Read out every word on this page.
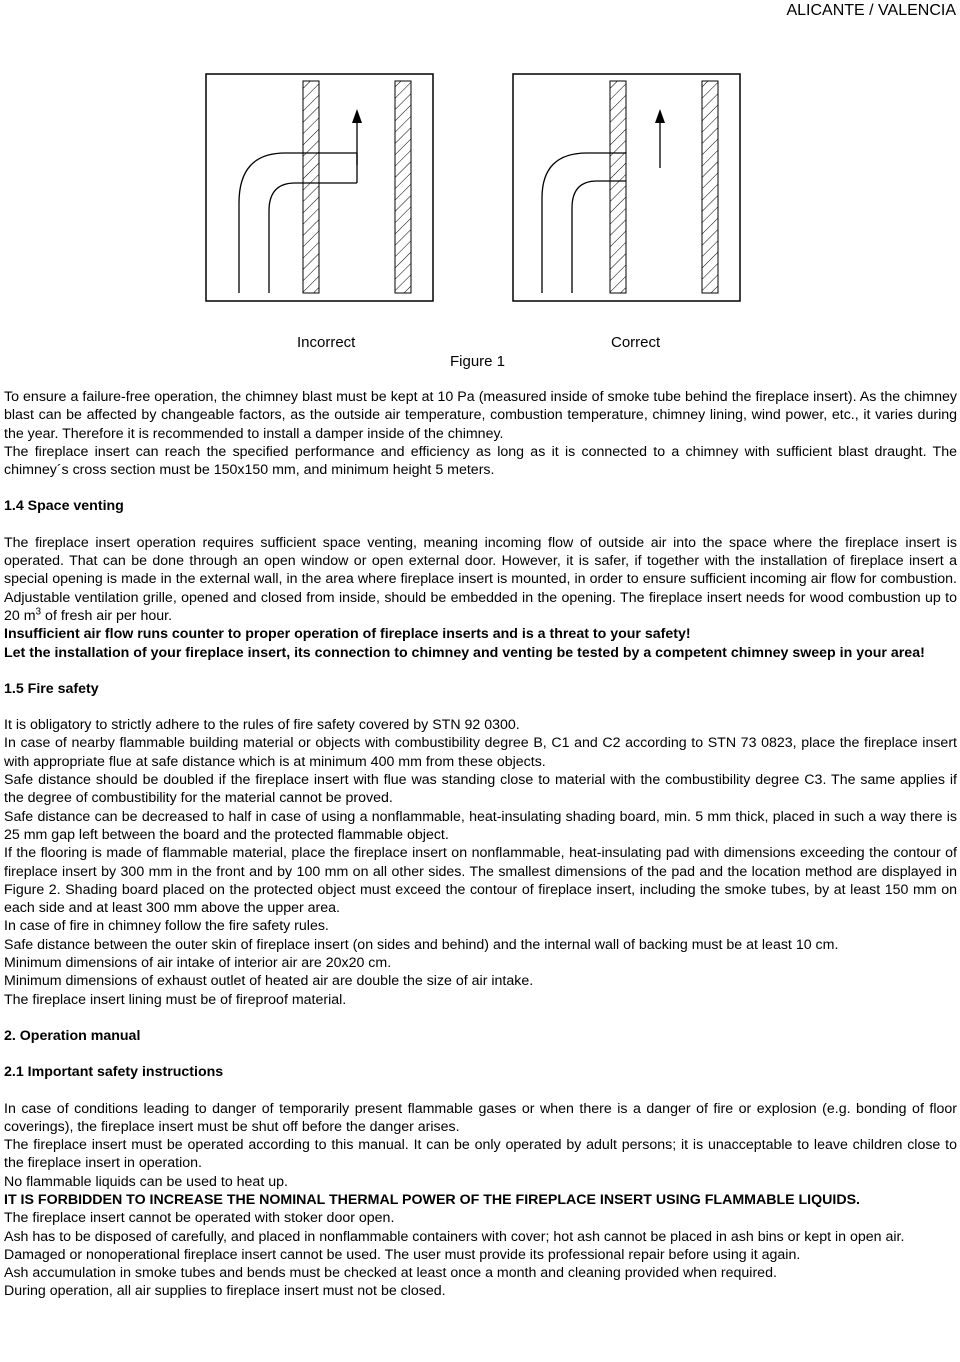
ALICANTE / VALENCIA
Incorrect	Correct
Figure 1

To ensure a failure-free operation, the chimney blast must be kept at 10 Pa (measured inside of smoke tube behind the fireplace insert). As the chimney blast can be affected by changeable factors, as the outside air temperature, combustion temperature, chimney lining, wind power, etc., it varies during the year. Therefore it is recommended to install a damper inside of the chimney.

The fireplace insert can reach the specified performance and efficiency as long as it is connected to a chimney with sufficient blast draught. The chimney´s cross section must be 150x150 mm, and minimum height 5 meters.

1.4 Space venting

The fireplace insert operation requires sufficient space venting, meaning incoming flow of outside air into the space where the fireplace insert is operated. That can be done through an open window or open external door. However, it is safer, if together with the installation of fireplace insert a special opening is made in the external wall, in the area where fireplace insert is mounted, in order to ensure sufficient incoming air flow for combustion. Adjustable ventilation grille, opened and closed from inside, should be embedded in the opening. The fireplace insert needs for wood combustion up to 20 $m^3$ of fresh air per hour.

Insufficient air flow runs counter to proper operation of fireplace inserts and is a threat to your safety!

Let the installation of your fireplace insert, its connection to chimney and venting be tested by a competent chimney sweep in your area!

1.5 Fire safety

It is obligatory to strictly adhere to the rules of fire safety covered by STN 92 0300.

In case of nearby flammable building material or objects with combustibility degree B, C1 and C2 according to STN 73 0823, place the fireplace insert with appropriate flue at safe distance which is at minimum 400 mm from these objects.

Safe distance should be doubled if the fireplace insert with flue was standing close to material with the combustibility degree C3. The same applies if the degree of combustibility for the material cannot be proved.

Safe distance can be decreased to half in case of using a nonflammable, heat-insulating shading board, min. 5 mm thick, placed in such a way there is 25 mm gap left between the board and the protected flammable object.

If the flooring is made of flammable material, place the fireplace insert on nonflammable, heat-insulating pad with dimensions exceeding the contour of fireplace insert by 300 mm in the front and by 100 mm on all other sides. The smallest dimensions of the pad and the location method are displayed in Figure 2. Shading board placed on the protected object must exceed the contour of fireplace insert, including the smoke tubes, by at least 150 mm on each side and at least 300 mm above the upper area.

In case of fire in chimney follow the fire safety rules.

Safe distance between the outer skin of fireplace insert (on sides and behind) and the internal wall of backing must be at least 10 cm.

Minimum dimensions of air intake of interior air are 20x20 cm.

Minimum dimensions of exhaust outlet of heated air are double the size of air intake.

The fireplace insert lining must be of fireproof material.

2. Operation manual

2.1 Important safety instructions

In case of conditions leading to danger of temporarily present flammable gases or when there is a danger of fire or explosion (e.g. bonding of floor coverings), the fireplace insert must be shut off before the danger arises.

The fireplace insert must be operated according to this manual. It can be only operated by adult persons; it is unacceptable to leave children close to the fireplace insert in operation.

No flammable liquids can be used to heat up.

IT IS FORBIDDEN TO INCREASE THE NOMINAL THERMAL POWER OF THE FIREPLACE INSERT USING FLAMMABLE LIQUIDS.

The fireplace insert cannot be operated with stoker door open.

Ash has to be disposed of carefully, and placed in nonflammable containers with cover; hot ash cannot be placed in ash bins or kept in open air.

Damaged or nonoperational fireplace insert cannot be used. The user must provide its professional repair before using it again.

Ash accumulation in smoke tubes and bends must be checked at least once a month and cleaning provided when required.

During operation, all air supplies to fireplace insert must not be closed.
